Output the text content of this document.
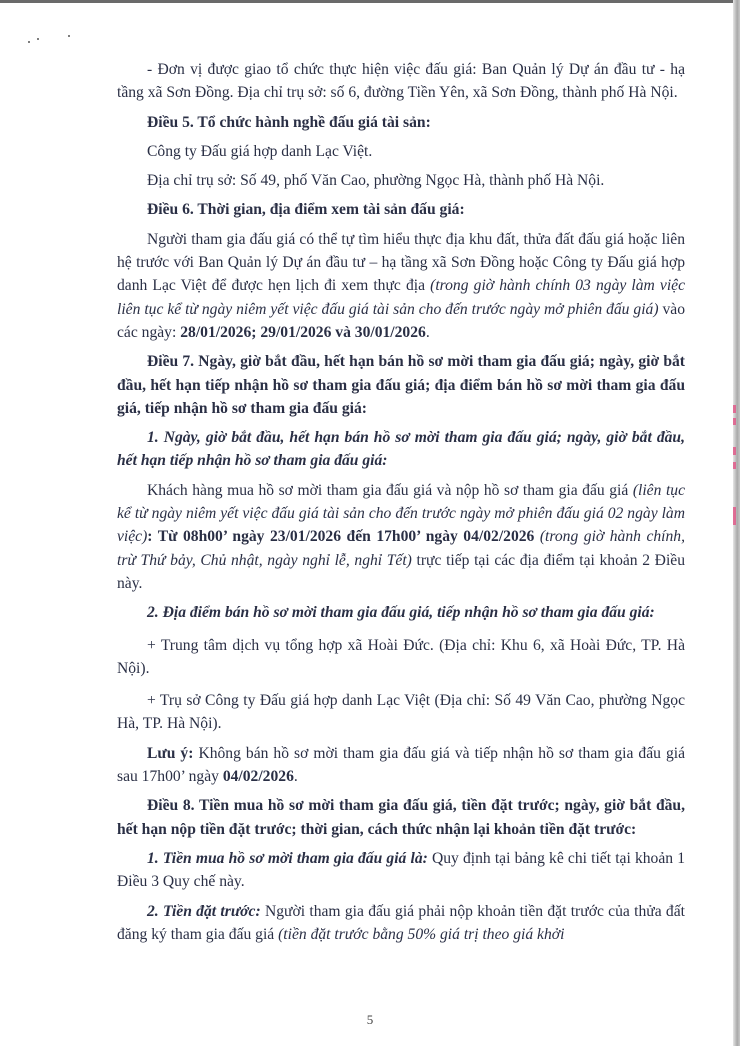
- Đơn vị được giao tổ chức thực hiện việc đấu giá: Ban Quản lý Dự án đầu tư - hạ tầng xã Sơn Đồng. Địa chỉ trụ sở: số 6, đường Tiền Yên, xã Sơn Đồng, thành phố Hà Nội.

Điều 5. Tổ chức hành nghề đấu giá tài sản:

Công ty Đấu giá hợp danh Lạc Việt.

Địa chỉ trụ sở: Số 49, phố Văn Cao, phường Ngọc Hà, thành phố Hà Nội.

Điều 6. Thời gian, địa điểm xem tài sản đấu giá:

Người tham gia đấu giá có thể tự tìm hiểu thực địa khu đất, thửa đất đấu giá hoặc liên hệ trước với Ban Quản lý Dự án đầu tư – hạ tầng xã Sơn Đồng hoặc Công ty Đấu giá hợp danh Lạc Việt để được hẹn lịch đi xem thực địa (trong giờ hành chính 03 ngày làm việc liên tục kể từ ngày niêm yết việc đấu giá tài sản cho đến trước ngày mở phiên đấu giá) vào các ngày: 28/01/2026; 29/01/2026 và 30/01/2026.

Điều 7. Ngày, giờ bắt đầu, hết hạn bán hồ sơ mời tham gia đấu giá; ngày, giờ bắt đầu, hết hạn tiếp nhận hồ sơ tham gia đấu giá; địa điểm bán hồ sơ mời tham gia đấu giá, tiếp nhận hồ sơ tham gia đấu giá:

1. Ngày, giờ bắt đầu, hết hạn bán hồ sơ mời tham gia đấu giá; ngày, giờ bắt đầu, hết hạn tiếp nhận hồ sơ tham gia đấu giá:

Khách hàng mua hồ sơ mời tham gia đấu giá và nộp hồ sơ tham gia đấu giá (liên tục kể từ ngày niêm yết việc đấu giá tài sản cho đến trước ngày mở phiên đấu giá 02 ngày làm việc): Từ 08h00’ ngày 23/01/2026 đến 17h00’ ngày 04/02/2026 (trong giờ hành chính, trừ Thứ bảy, Chủ nhật, ngày nghỉ lễ, nghỉ Tết) trực tiếp tại các địa điểm tại khoản 2 Điều này.

2. Địa điểm bán hồ sơ mời tham gia đấu giá, tiếp nhận hồ sơ tham gia đấu giá:

+ Trung tâm dịch vụ tổng hợp xã Hoài Đức. (Địa chỉ: Khu 6, xã Hoài Đức, TP. Hà Nội).

+ Trụ sở Công ty Đấu giá hợp danh Lạc Việt (Địa chỉ: Số 49 Văn Cao, phường Ngọc Hà, TP. Hà Nội).

Lưu ý: Không bán hồ sơ mời tham gia đấu giá và tiếp nhận hồ sơ tham gia đấu giá sau 17h00’ ngày 04/02/2026.

Điều 8. Tiền mua hồ sơ mời tham gia đấu giá, tiền đặt trước; ngày, giờ bắt đầu, hết hạn nộp tiền đặt trước; thời gian, cách thức nhận lại khoản tiền đặt trước:

1. Tiền mua hồ sơ mời tham gia đấu giá là: Quy định tại bảng kê chi tiết tại khoản 1 Điều 3 Quy chế này.

2. Tiền đặt trước: Người tham gia đấu giá phải nộp khoản tiền đặt trước của thửa đất đăng ký tham gia đấu giá (tiền đặt trước bằng 50% giá trị theo giá khởi

5
